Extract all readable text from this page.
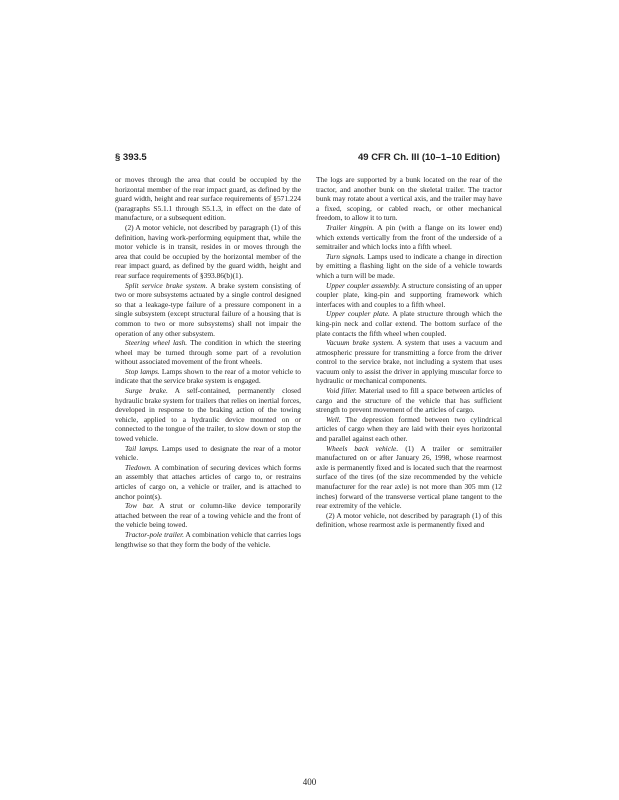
§ 393.5	49 CFR Ch. III (10–1–10 Edition)

or moves through the area that could be occupied by the horizontal member of the rear impact guard, as defined by the guard width, height and rear surface requirements of §571.224 (paragraphs S5.1.1 through S5.1.3, in effect on the date of manufacture, or a subsequent edition.

(2) A motor vehicle, not described by paragraph (1) of this definition, having work-performing equipment that, while the motor vehicle is in transit, resides in or moves through the area that could be occupied by the horizontal member of the rear impact guard, as defined by the guard width, height and rear surface requirements of §393.86(b)(1).

Split service brake system. A brake system consisting of two or more subsystems actuated by a single control designed so that a leakage-type failure of a pressure component in a single subsystem (except structural failure of a housing that is common to two or more subsystems) shall not impair the operation of any other subsystem.

Steering wheel lash. The condition in which the steering wheel may be turned through some part of a revolution without associated movement of the front wheels.

Stop lamps. Lamps shown to the rear of a motor vehicle to indicate that the service brake system is engaged.

Surge brake. A self-contained, permanently closed hydraulic brake system for trailers that relies on inertial forces, developed in response to the braking action of the towing vehicle, applied to a hydraulic device mounted on or connected to the tongue of the trailer, to slow down or stop the towed vehicle.

Tail lamps. Lamps used to designate the rear of a motor vehicle.

Tiedown. A combination of securing devices which forms an assembly that attaches articles of cargo to, or restrains articles of cargo on, a vehicle or trailer, and is attached to anchor point(s).

Tow bar. A strut or column-like device temporarily attached between the rear of a towing vehicle and the front of the vehicle being towed.

Tractor-pole trailer. A combination vehicle that carries logs lengthwise so that they form the body of the vehicle.

The logs are supported by a bunk located on the rear of the tractor, and another bunk on the skeletal trailer. The tractor bunk may rotate about a vertical axis, and the trailer may have a fixed, scoping, or cabled reach, or other mechanical freedom, to allow it to turn.

Trailer kingpin. A pin (with a flange on its lower end) which extends vertically from the front of the underside of a semitrailer and which locks into a fifth wheel.

Turn signals. Lamps used to indicate a change in direction by emitting a flashing light on the side of a vehicle towards which a turn will be made.

Upper coupler assembly. A structure consisting of an upper coupler plate, king-pin and supporting framework which interfaces with and couples to a fifth wheel.

Upper coupler plate. A plate structure through which the king-pin neck and collar extend. The bottom surface of the plate contacts the fifth wheel when coupled.

Vacuum brake system. A system that uses a vacuum and atmospheric pressure for transmitting a force from the driver control to the service brake, not including a system that uses vacuum only to assist the driver in applying muscular force to hydraulic or mechanical components.

Void filler. Material used to fill a space between articles of cargo and the structure of the vehicle that has sufficient strength to prevent movement of the articles of cargo.

Well. The depression formed between two cylindrical articles of cargo when they are laid with their eyes horizontal and parallel against each other.

Wheels back vehicle. (1) A trailer or semitrailer manufactured on or after January 26, 1998, whose rearmost axle is permanently fixed and is located such that the rearmost surface of the tires (of the size recommended by the vehicle manufacturer for the rear axle) is not more than 305 mm (12 inches) forward of the transverse vertical plane tangent to the rear extremity of the vehicle.

(2) A motor vehicle, not described by paragraph (1) of this definition, whose rearmost axle is permanently fixed and

400
